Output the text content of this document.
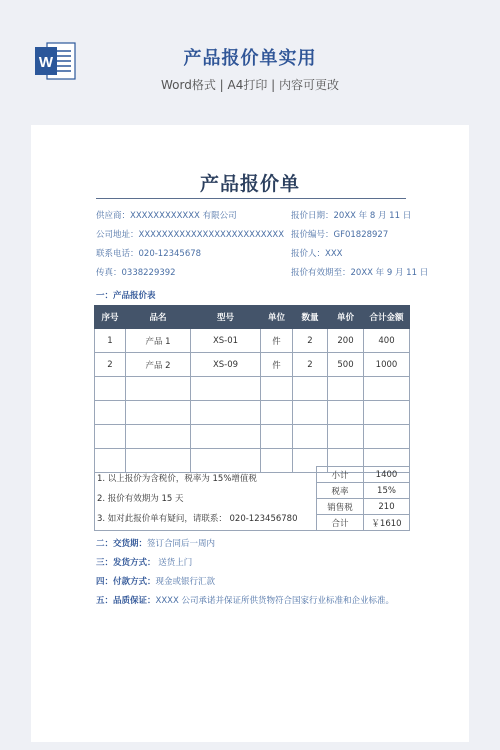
W	产品报价单实用
Word格式 | A4打印 | 内容可更改
产品报价单
供应商：XXXXXXXXXXXX 有限公司	报价日期：20XX 年 8 月 11 日
公司地址：XXXXXXXXXXXXXXXXXXXXXXXXX 报价编号：GF01828927
联系电话：020-12345678	报价人：XXX
传真：0338229392	报价有效期至：20XX 年 9 月 11 日
一：产品报价表
序号	品名	型号	单位	数量	单价	合计金额
1	产品 1	XS-01	件	2	200	400
2	产品 2	XS-09	件	2	500	1000

1. 以上报价为含税价，税率为 15%增值税
2. 报价有效期为 15 天
3. 如对此报价单有疑问，请联系： 020-123456780
小计	1400
税率	15%
销售税	210
合计	￥1610
二：交货期：签订合同后一周内
三：发货方式： 送货上门
四：付款方式：现金或银行汇款
五：品质保证：XXXX 公司承诺并保证所供货物符合国家行业标准和企业标准。
